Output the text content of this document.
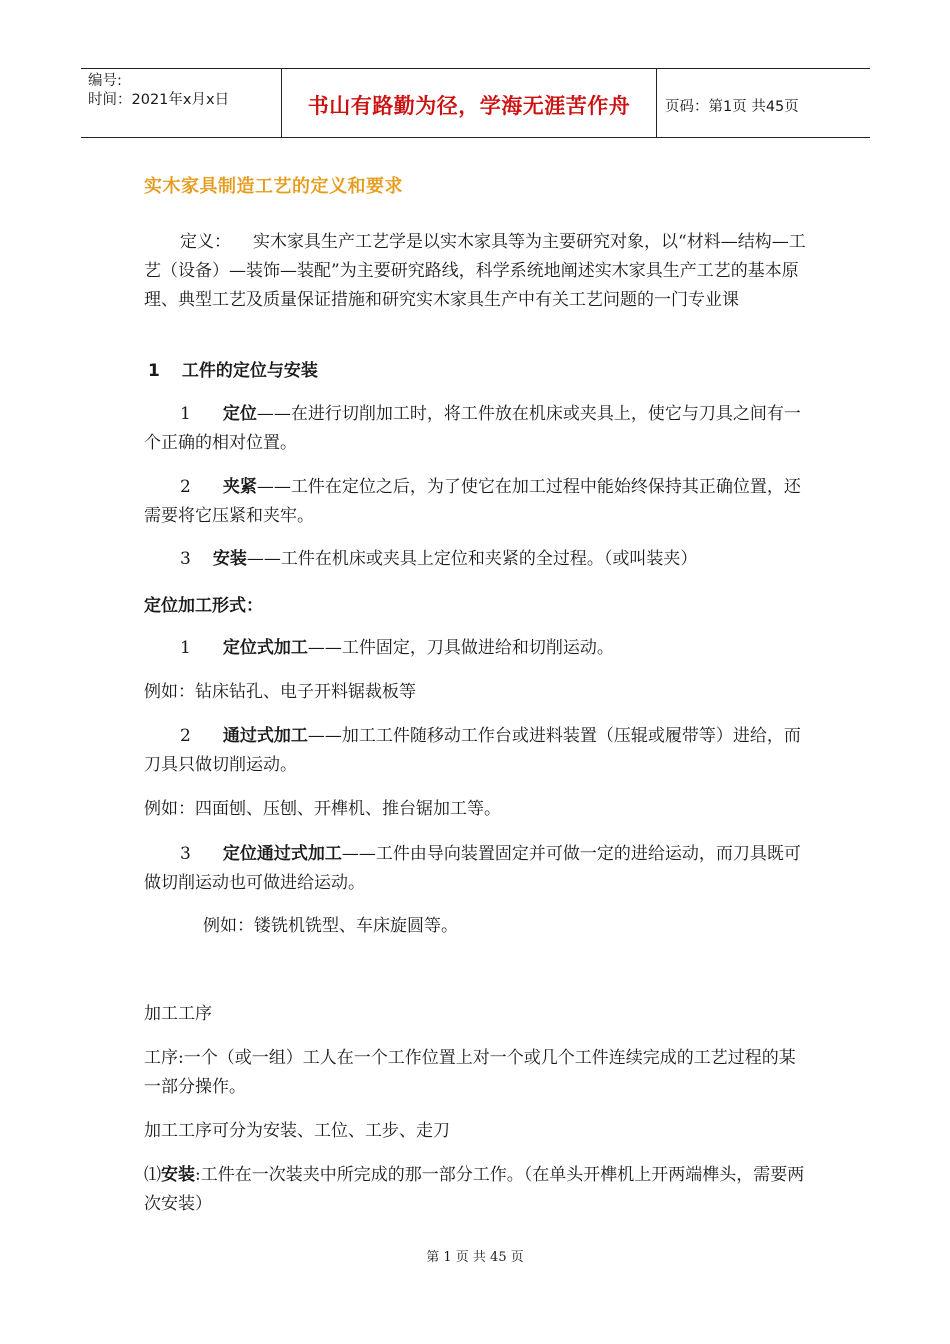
编号:
时间：2021年x月x日	书山有路勤为径，学海无涯苦作舟 页码：第1页 共45页
实木家具制造工艺的定义和要求
定义： 实木家具生产工艺学是以实木家具等为主要研究对象，以“材料—结构—工艺（设备）—装饰—装配”为主要研究路线，科学系统地阐述实木家具生产工艺的基本原理、典型工艺及质量保证措施和研究实木家具生产中有关工艺问题的一门专业课
1 工件的定位与安装
1 定位——在进行切削加工时，将工件放在机床或夹具上，使它与刀具之间有一个正确的相对位置。
2 夹紧——工件在定位之后，为了使它在加工过程中能始终保持其正确位置，还需要将它压紧和夹牢。
3 安装——工件在机床或夹具上定位和夹紧的全过程。（或叫装夹）
定位加工形式：
1 定位式加工——工件固定，刀具做进给和切削运动。
例如：钻床钻孔、电子开料锯裁板等
2 通过式加工——加工工件随移动工作台或进料装置（压辊或履带等）进给，而刀具只做切削运动。
例如：四面刨、压刨、开榫机、推台锯加工等。
3 定位通过式加工——工件由导向装置固定并可做一定的进给运动，而刀具既可做切削运动也可做进给运动。
例如：镂铣机铣型、车床旋圆等。
加工工序
工序:一个（或一组）工人在一个工作位置上对一个或几个工件连续完成的工艺过程的某一部分操作。
加工工序可分为安装、工位、工步、走刀
⑴安装:工件在一次装夹中所完成的那一部分工作。（在单头开榫机上开两端榫头，需要两次安装）
第 1 页 共 45 页
